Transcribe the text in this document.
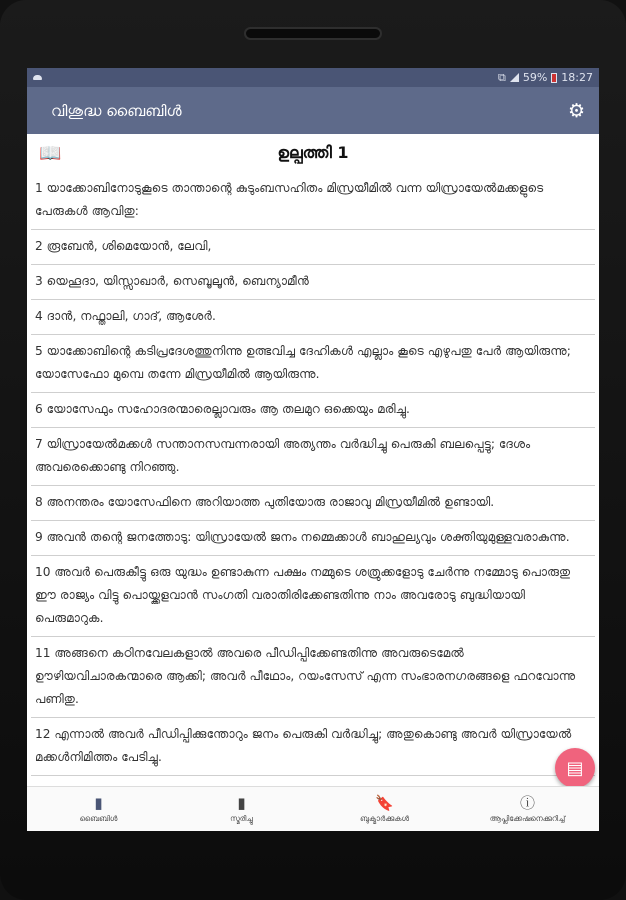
⧉ 59% 18:27
വിശുദ്ധ ബൈബിൾ	⚙
📖	ഉല്പത്തി 1
1 യാക്കോബിനോടുകൂടെ താന്താന്റെ കുടുംബസഹിതം മിസ്രയീമിൽ വന്ന യിസ്രായേൽമക്കളുടെ പേരുകൾ ആവിതു:
2 രൂബേൻ, ശിമെയോൻ, ലേവി,
3 യെഹൂദാ, യിസ്സാഖാർ, സെബൂലൂൻ, ബെന്യാമീൻ
4 ദാൻ, നഫ്താലി, ഗാദ്, ആശേർ.
5 യാക്കോബിന്റെ കടിപ്രദേശത്തുനിന്നു ഉത്ഭവിച്ച ദേഹികൾ എല്ലാം കൂടെ എഴുപതു പേർ ആയിരുന്നു; യോസേഫോ മുമ്പെ തന്നേ മിസ്രയീമിൽ ആയിരുന്നു.
6 യോസേഫും സഹോദരന്മാരെല്ലാവരും ആ തലമുറ ഒക്കെയും മരിച്ചു.
7 യിസ്രായേൽമക്കൾ സന്താനസമ്പന്നരായി അത്യന്തം വർദ്ധിച്ചു പെരുകി ബലപ്പെട്ടു; ദേശം അവരെക്കൊണ്ടു നിറഞ്ഞു.
8 അനന്തരം യോസേഫിനെ അറിയാത്ത പുതിയോരു രാജാവു മിസ്രയീമിൽ ഉണ്ടായി.
9 അവൻ തന്റെ ജനത്തോടു: യിസ്രായേൽ ജനം നമ്മെക്കാൾ ബാഹുല്യവും ശക്തിയുമുള്ളവരാകുന്നു.
10 അവർ പെരുകീട്ടു ഒരു യുദ്ധം ഉണ്ടാകുന്ന പക്ഷം നമ്മുടെ ശത്രുക്കളോടു ചേർന്നു നമ്മോടു പൊരുതു ഈ രാജ്യം വിട്ടു പൊയ്ക്കളവാൻ സംഗതി വരാതിരിക്കേണ്ടതിന്നു നാം അവരോടു ബുദ്ധിയായി പെരുമാറുക.
11 അങ്ങനെ കഠിനവേലകളാൽ അവരെ പീഡിപ്പിക്കേണ്ടതിന്നു അവരുടെമേൽ ഊഴിയവിചാരകന്മാരെ ആക്കി; അവർ പീഥോം, റയംസേസ് എന്ന സംഭാരനഗരങ്ങളെ ഫറവോന്നു പണിതു.
12 എന്നാൽ അവർ പീഡിപ്പിക്കുന്തോറും ജനം പെരുകി വർദ്ധിച്ചു; അതുകൊണ്ടു അവർ യിസ്രായേൽ മക്കൾനിമിത്തം പേടിച്ചു.
▤
▮
ബൈബിൾ
▮
സ്മരിച്ചു
🔖
ബുക്മാർക്കുകൾ
ⓘ
ആപ്ലിക്കേഷനെക്കുറിച്ച്
